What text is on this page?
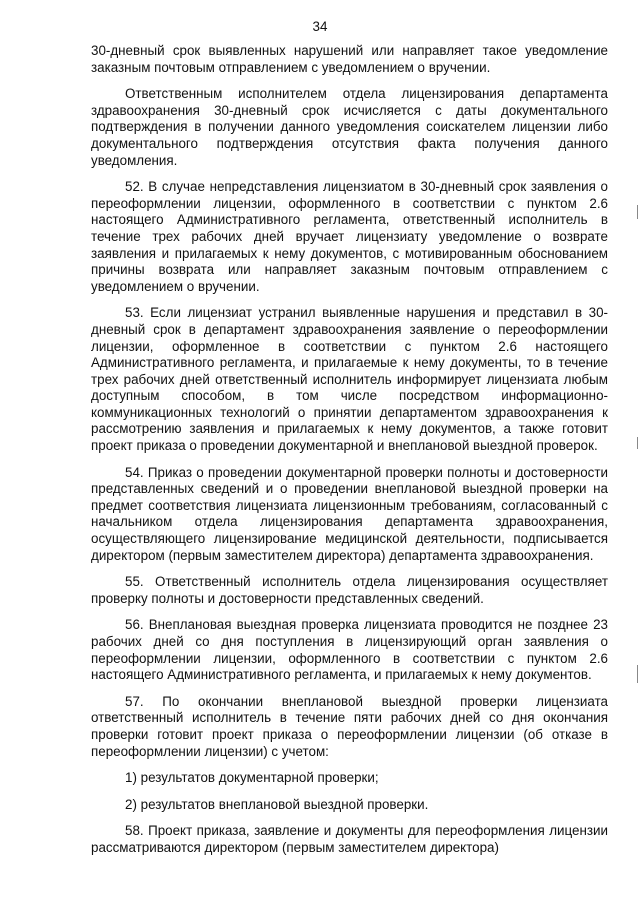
34

30-дневный срок выявленных нарушений или направляет такое уведомление заказным почтовым отправлением с уведомлением о вручении.

Ответственным исполнителем отдела лицензирования департамента здравоохранения 30-дневный срок исчисляется с даты документального подтверждения в получении данного уведомления соискателем лицензии либо документального подтверждения отсутствия факта получения данного уведомления.

52. В случае непредставления лицензиатом в 30-дневный срок заявления о переоформлении лицензии, оформленного в соответствии с пунктом 2.6 настоящего Административного регламента, ответственный исполнитель в течение трех рабочих дней вручает лицензиату уведомление о возврате заявления и прилагаемых к нему документов, с мотивированным обоснованием причины возврата или направляет заказным почтовым отправлением с уведомлением о вручении.

53. Если лицензиат устранил выявленные нарушения и представил в 30-дневный срок в департамент здравоохранения заявление о переоформлении лицензии, оформленное в соответствии с пунктом 2.6 настоящего Административного регламента, и прилагаемые к нему документы, то в течение трех рабочих дней ответственный исполнитель информирует лицензиата любым доступным способом, в том числе посредством информационно-коммуникационных технологий о принятии департаментом здравоохранения к рассмотрению заявления и прилагаемых к нему документов, а также готовит проект приказа о проведении документарной и внеплановой выездной проверок.

54. Приказ о проведении документарной проверки полноты и достоверности представленных сведений и о проведении внеплановой выездной проверки на предмет соответствия лицензиата лицензионным требованиям, согласованный с начальником отдела лицензирования департамента здравоохранения, осуществляющего лицензирование медицинской деятельности, подписывается директором (первым заместителем директора) департамента здравоохранения.

55. Ответственный исполнитель отдела лицензирования осуществляет проверку полноты и достоверности представленных сведений.

56. Внеплановая выездная проверка лицензиата проводится не позднее 23 рабочих дней со дня поступления в лицензирующий орган заявления о переоформлении лицензии, оформленного в соответствии с пунктом 2.6 настоящего Административного регламента, и прилагаемых к нему документов.

57. По окончании внеплановой выездной проверки лицензиата ответственный исполнитель в течение пяти рабочих дней со дня окончания проверки готовит проект приказа о переоформлении лицензии (об отказе в переоформлении лицензии) с учетом:

1) результатов документарной проверки;

2) результатов внеплановой выездной проверки.

58. Проект приказа, заявление и документы для переоформления лицензии рассматриваются директором (первым заместителем директора)
